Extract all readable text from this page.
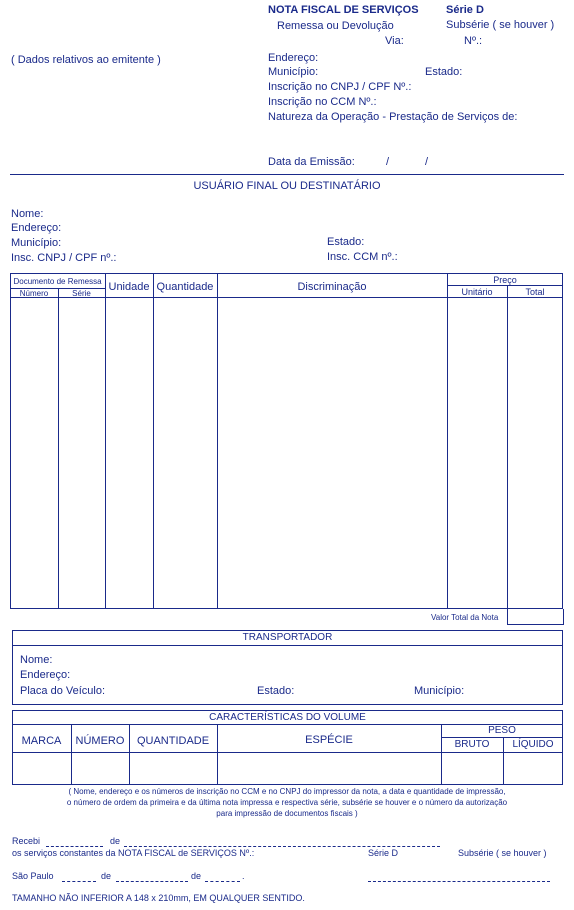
NOTA FISCAL DE SERVIÇOS Série D
Remessa ou Devolução	Subsérie ( se houver )
Via:	Nº.:
( Dados relativos ao emitente )	Endereço:
Município:	Estado:
Inscrição no CNPJ / CPF Nº.:
Inscrição no CCM Nº.:
Natureza da Operação - Prestação de Serviços de:
Data da Emissão:	/	/
USUÁRIO FINAL OU DESTINATÁRIO
Nome:
Endereço:
Município:	Estado:
Insc. CNPJ / CPF nº.:	Insc. CCM nº.:
Documento de Remessa
Número	Série
Unidade Quantidade	Discriminação
Preço
Unitário	Total
Valor Total da Nota
TRANSPORTADOR
Nome:
Endereço:
Placa do Veículo:	Estado:	Município:
CARACTERÍSTICAS DO VOLUME
MARCA	NÚMERO	QUANTIDADE	ESPÉCIE
PESO
BRUTO	LÍQUIDO
( Nome, endereço e os números de inscrição no CCM e no CNPJ do impressor da nota, a data e quantidade de impressão,
o número de ordem da primeira e da última nota impressa e respectiva série, subsérie se houver e o número da autorização
para impressão de documentos fiscais )
Recebi	de
os serviços constantes da NOTA FISCAL de SERVIÇOS Nº.:	Série D	Subsérie ( se houver )
São Paulo	de	de	.
TAMANHO NÃO INFERIOR A 148 x 210mm, EM QUALQUER SENTIDO.
